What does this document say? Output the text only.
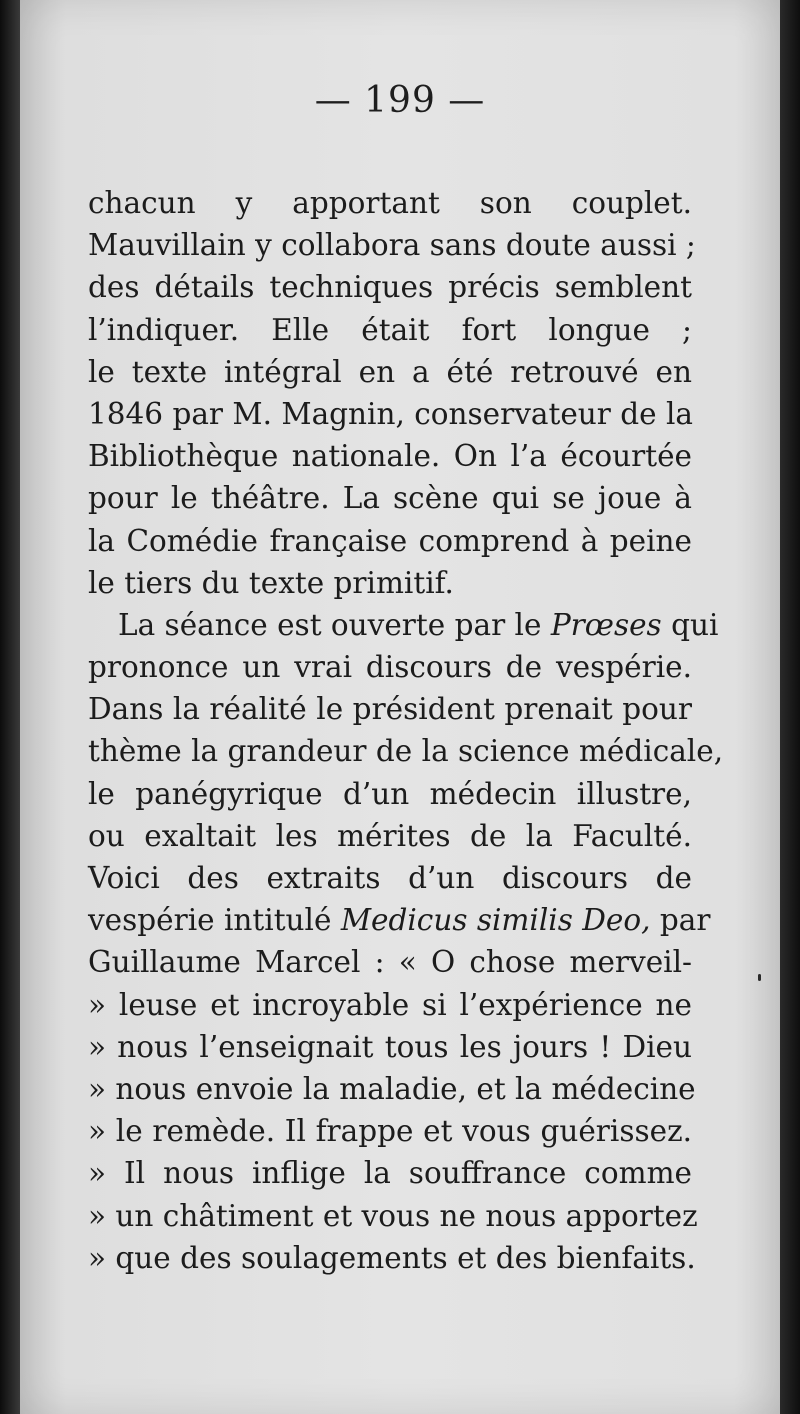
— 199 —
chacun y apportant son couplet.
Mauvillain y collabora sans doute aussi ;
des détails techniques précis semblent
l’indiquer. Elle était fort longue ;
le texte intégral en a été retrouvé en
1846 par M. Magnin, conservateur de la
Bibliothèque nationale. On l’a écourtée
pour le théâtre. La scène qui se joue à
la Comédie française comprend à peine
le tiers du texte primitif.
La séance est ouverte par le Prœses qui
prononce un vrai discours de vespérie.
Dans la réalité le président prenait pour
thème la grandeur de la science médicale,
le panégyrique d’un médecin illustre,
ou exaltait les mérites de la Faculté.
Voici des extraits d’un discours de
vespérie intitulé Medicus similis Deo, par
Guillaume Marcel : « O chose merveil-
» leuse et incroyable si l’expérience ne
» nous l’enseignait tous les jours ! Dieu
» nous envoie la maladie, et la médecine
» le remède. Il frappe et vous guérissez.
» Il nous inflige la souffrance comme
» un châtiment et vous ne nous apportez
» que des soulagements et des bienfaits.
